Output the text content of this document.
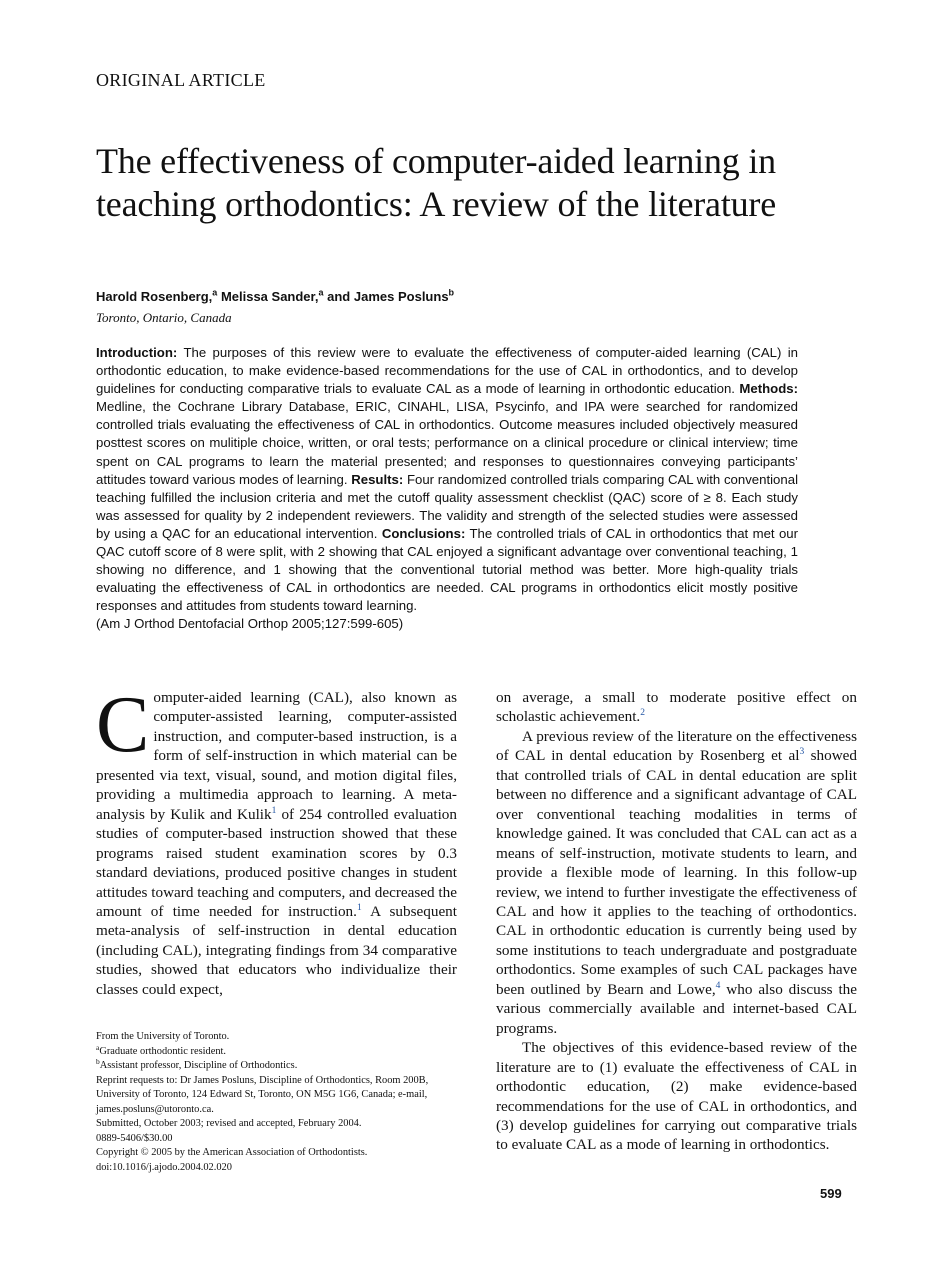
ORIGINAL ARTICLE
The effectiveness of computer-aided learning in teaching orthodontics: A review of the literature
Harold Rosenberg,$^a$ Melissa Sander,$^a$ and James Posluns$^b$
Toronto, Ontario, Canada

Introduction: The purposes of this review were to evaluate the effectiveness of computer-aided learning (CAL) in orthodontic education, to make evidence-based recommendations for the use of CAL in orthodontics, and to develop guidelines for conducting comparative trials to evaluate CAL as a mode of learning in orthodontic education. Methods: Medline, the Cochrane Library Database, ERIC, CINAHL, LISA, Psycinfo, and IPA were searched for randomized controlled trials evaluating the effectiveness of CAL in orthodontics. Outcome measures included objectively measured posttest scores on mulitiple choice, written, or oral tests; performance on a clinical procedure or clinical interview; time spent on CAL programs to learn the material presented; and responses to questionnaires conveying participants’ attitudes toward various modes of learning. Results: Four randomized controlled trials comparing CAL with conventional teaching fulfilled the inclusion criteria and met the cutoff quality assessment checklist (QAC) score of ≥ 8. Each study was assessed for quality by 2 independent reviewers. The validity and strength of the selected studies were assessed by using a QAC for an educational intervention. Conclusions: The controlled trials of CAL in orthodontics that met our QAC cutoff score of 8 were split, with 2 showing that CAL enjoyed a significant advantage over conventional teaching, 1 showing no difference, and 1 showing that the conventional tutorial method was better. More high-quality trials evaluating the effectiveness of CAL in orthodontics are needed. CAL programs in orthodontics elicit mostly positive responses and attitudes from students toward learning.
(Am J Orthod Dentofacial Orthop 2005;127:599-605)

Computer-aided learning (CAL), also known as computer-assisted learning, computer-assisted instruction, and computer-based instruction, is a form of self-instruction in which material can be presented via text, visual, sound, and motion digital files, providing a multimedia approach to learning. A meta-analysis by Kulik and Kulik$^1$ of 254 controlled evaluation studies of computer-based instruction showed that these programs raised student examination scores by 0.3 standard deviations, produced positive changes in student attitudes toward teaching and computers, and decreased the amount of time needed for instruction.$^1$ A subsequent meta-analysis of self-instruction in dental education (including CAL), integrating findings from 34 comparative studies, showed that educators who individualize their classes could expect,

on average, a small to moderate positive effect on scholastic achievement.$^2$

A previous review of the literature on the effectiveness of CAL in dental education by Rosenberg et al$^3$ showed that controlled trials of CAL in dental education are split between no difference and a significant advantage of CAL over conventional teaching modalities in terms of knowledge gained. It was concluded that CAL can act as a means of self-instruction, motivate students to learn, and provide a flexible mode of learning. In this follow-up review, we intend to further investigate the effectiveness of CAL and how it applies to the teaching of orthodontics. CAL in orthodontic education is currently being used by some institutions to teach undergraduate and postgraduate orthodontics. Some examples of such CAL packages have been outlined by Bearn and Lowe,$^4$ who also discuss the various commercially available and internet-based CAL programs.

The objectives of this evidence-based review of the literature are to (1) evaluate the effectiveness of CAL in orthodontic education, (2) make evidence-based recommendations for the use of CAL in orthodontics, and (3) develop guidelines for carrying out comparative trials to evaluate CAL as a mode of learning in orthodontics.

From the University of Toronto.
$^a$Graduate orthodontic resident.
$^b$Assistant professor, Discipline of Orthodontics.
Reprint requests to: Dr James Posluns, Discipline of Orthodontics, Room 200B,
University of Toronto, 124 Edward St, Toronto, ON M5G 1G6, Canada; e-mail,
james.posluns@utoronto.ca.
Submitted, October 2003; revised and accepted, February 2004.
0889-5406/$30.00
Copyright © 2005 by the American Association of Orthodontists.
doi:10.1016/j.ajodo.2004.02.020
599
